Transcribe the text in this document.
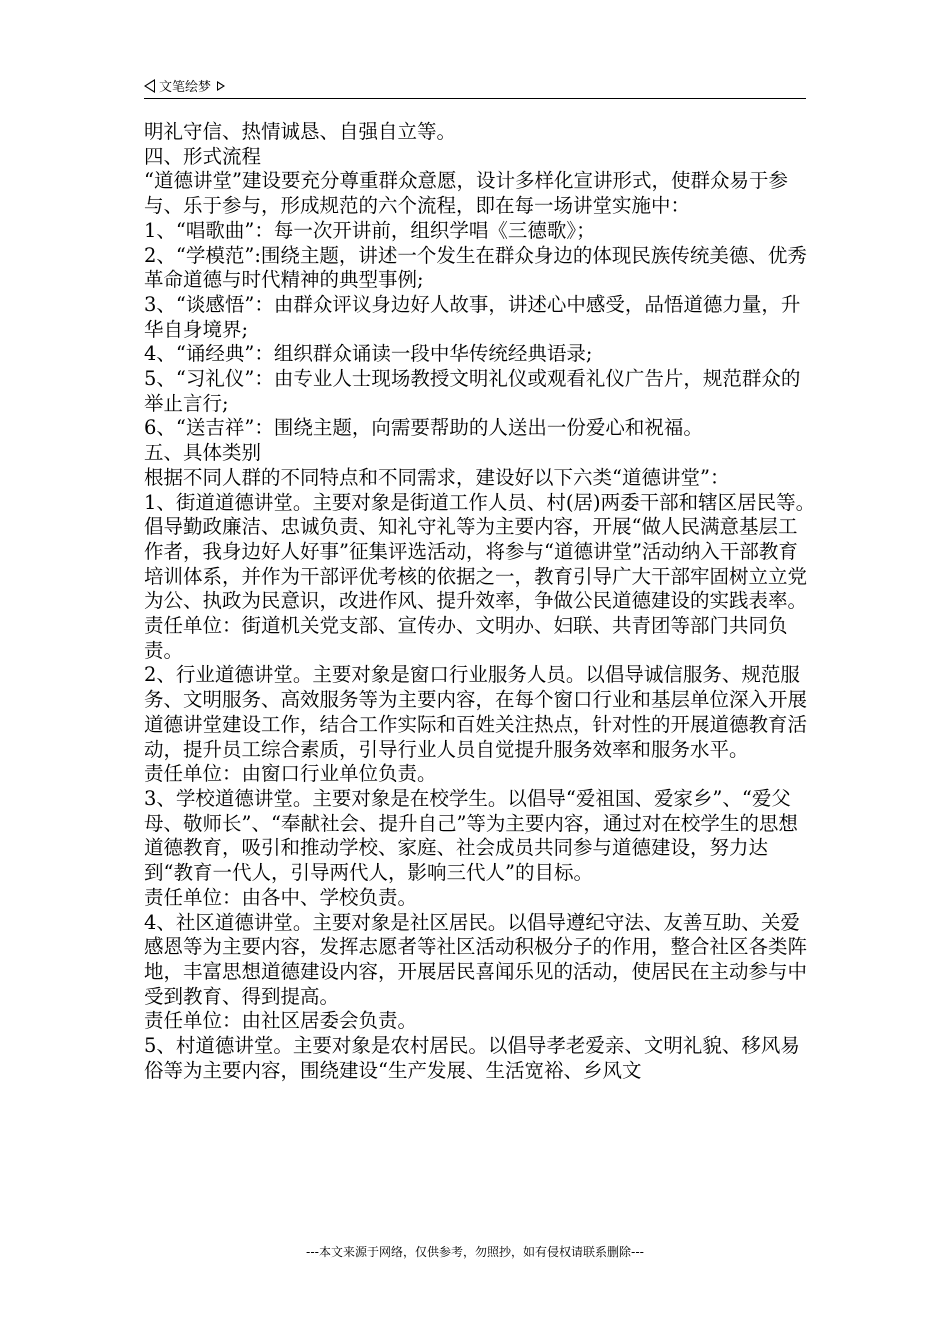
文笔绘梦

明礼守信、热情诚恳、自强自立等。

四、形式流程

“道德讲堂”建设要充分尊重群众意愿，设计多样化宣讲形式，使群众易于参与、乐于参与，形成规范的六个流程，即在每一场讲堂实施中：

1、“唱歌曲”：每一次开讲前，组织学唱《三德歌》；

2、“学模范”:围绕主题，讲述一个发生在群众身边的体现民族传统美德、优秀革命道德与时代精神的典型事例;

3、“谈感悟”：由群众评议身边好人故事，讲述心中感受，品悟道德力量，升华自身境界;

4、“诵经典”：组织群众诵读一段中华传统经典语录;

5、“习礼仪”：由专业人士现场教授文明礼仪或观看礼仪广告片，规范群众的举止言行;

6、“送吉祥”：围绕主题，向需要帮助的人送出一份爱心和祝福。

五、具体类别

根据不同人群的不同特点和不同需求，建设好以下六类“道德讲堂”：

1、街道道德讲堂。主要对象是街道工作人员、村(居)两委干部和辖区居民等。倡导勤政廉洁、忠诚负责、知礼守礼等为主要内容，开展“做人民满意基层工作者，我身边好人好事”征集评选活动，将参与“道德讲堂”活动纳入干部教育培训体系，并作为干部评优考核的依据之一，教育引导广大干部牢固树立立党为公、执政为民意识，改进作风、提升效率，争做公民道德建设的实践表率。

责任单位：街道机关党支部、宣传办、文明办、妇联、共青团等部门共同负责。

2、行业道德讲堂。主要对象是窗口行业服务人员。以倡导诚信服务、规范服务、文明服务、高效服务等为主要内容，在每个窗口行业和基层单位深入开展道德讲堂建设工作，结合工作实际和百姓关注热点，针对性的开展道德教育活动，提升员工综合素质，引导行业人员自觉提升服务效率和服务水平。

责任单位：由窗口行业单位负责。

3、学校道德讲堂。主要对象是在校学生。以倡导“爱祖国、爱家乡”、“爱父母、敬师长”、“奉献社会、提升自己”等为主要内容，通过对在校学生的思想道德教育，吸引和推动学校、家庭、社会成员共同参与道德建设，努力达到“教育一代人，引导两代人，影响三代人”的目标。

责任单位：由各中、学校负责。

4、社区道德讲堂。主要对象是社区居民。以倡导遵纪守法、友善互助、关爱感恩等为主要内容，发挥志愿者等社区活动积极分子的作用，整合社区各类阵地，丰富思想道德建设内容，开展居民喜闻乐见的活动，使居民在主动参与中受到教育、得到提高。

责任单位：由社区居委会负责。

5、村道德讲堂。主要对象是农村居民。以倡导孝老爱亲、文明礼貌、移风易俗等为主要内容，围绕建设“生产发展、生活宽裕、乡风文

---本文来源于网络，仅供参考，勿照抄，如有侵权请联系删除---
